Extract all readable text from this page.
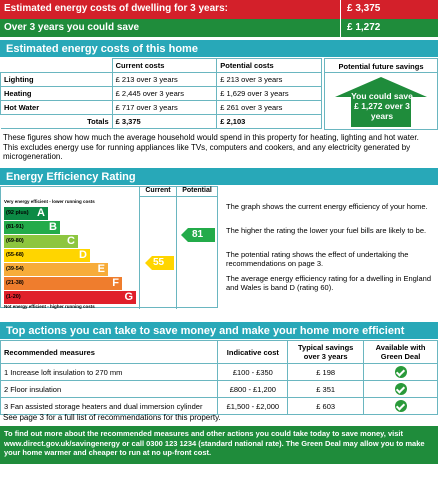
Estimated energy costs of dwelling for 3 years:	£ 3,375
Over 3 years you could save	£ 1,272
Estimated energy costs of this home
	Current costs	Potential costs
Lighting	£ 213 over 3 years	£ 213 over 3 years
Heating	£ 2,445 over 3 years	£ 1,629 over 3 years
Hot Water	£ 717 over 3 years	£ 261 over 3 years
Totals	£ 3,375	£ 2,103
Potential future savings
You could save £ 1,272 over 3 years
These figures show how much the average household would spend in this property for heating, lighting and hot water. This excludes energy use for running appliances like TVs, computers and cookers, and any electricity generated by microgeneration.
Energy Efficiency Rating
Current	Potential
Very energy efficient - lower running costs
(92 plus) A
(81-91) B
(69-80)	C
(55-68)	D
(39-54)	E
(21-38)	F
(1-20)	G
Not energy efficient - higher running costs
55
81
The graph shows the current energy efficiency of your home.
The higher the rating the lower your fuel bills are likely to be.
The potential rating shows the effect of undertaking the recommendations on page 3.
The average energy efficiency rating for a dwelling in England and Wales is band D (rating 60).
Top actions you can take to save money and make your home more efficient
Recommended measures	Indicative cost	Typical savings over 3 years	Available with Green Deal
1 Increase loft insulation to 270 mm	£100 - £350	£ 198	
2 Floor insulation	£800 - £1,200	£ 351	
3 Fan assisted storage heaters and dual immersion cylinder	£1,500 - £2,000	£ 603	
See page 3 for a full list of recommendations for this property.
To find out more about the recommended measures and other actions you could take today to save money, visit www.direct.gov.uk/savingenergy or call 0300 123 1234 (standard national rate). The Green Deal may allow you to make your home warmer and cheaper to run at no up-front cost.
